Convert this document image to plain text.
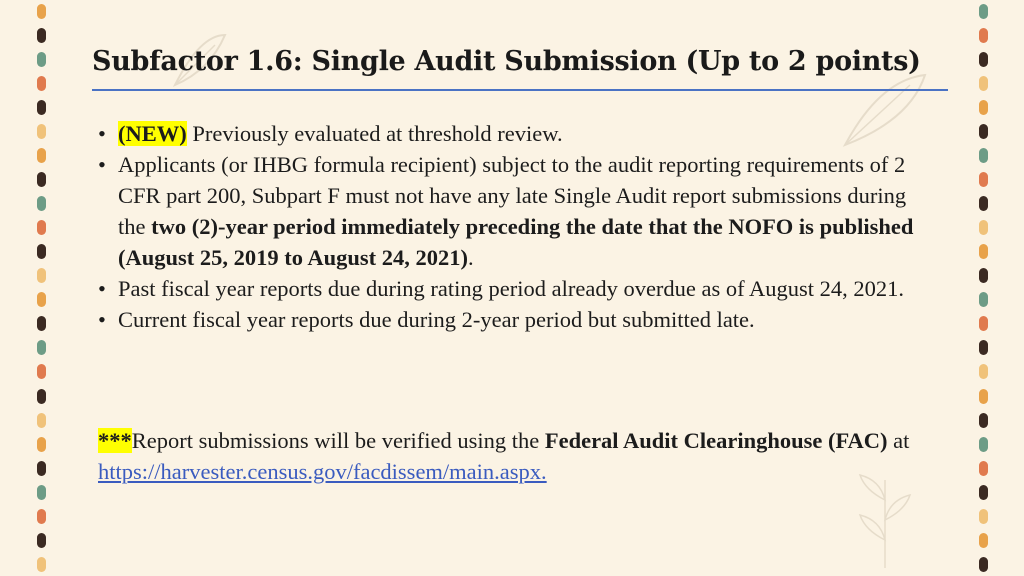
Subfactor 1.6: Single Audit Submission (Up to 2 points)
• (NEW) Previously evaluated at threshold review.
• Applicants (or IHBG formula recipient) subject to the audit reporting requirements of 2 CFR part 200, Subpart F must not have any late Single Audit report submissions during the two (2)-year period immediately preceding the date that the NOFO is published (August 25, 2019 to August 24, 2021).
• Past fiscal year reports due during rating period already overdue as of August 24, 2021.
• Current fiscal year reports due during 2-year period but submitted late.
***Report submissions will be verified using the Federal Audit Clearinghouse (FAC) at https://harvester.census.gov/facdissem/main.aspx.
